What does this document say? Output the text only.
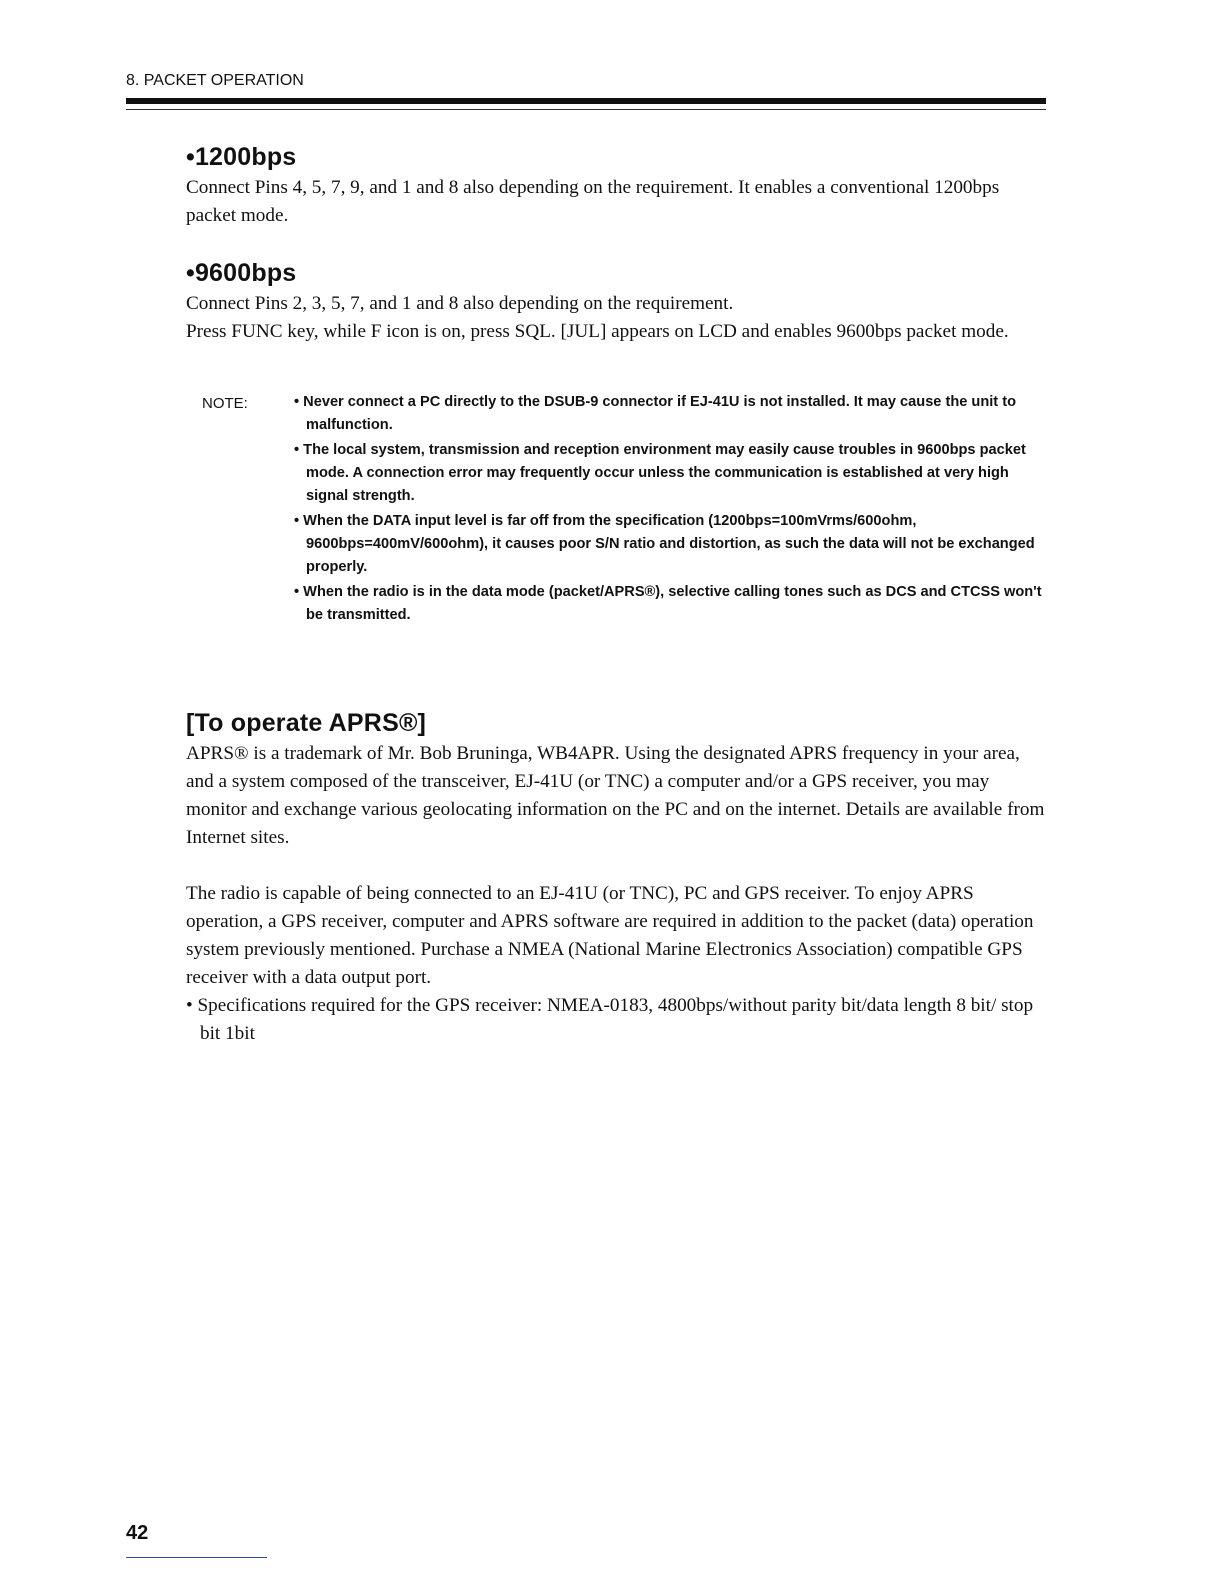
8. PACKET OPERATION
•1200bps

Connect Pins 4, 5, 7, 9, and 1 and 8 also depending on the requirement. It enables a conventional 1200bps packet mode.

•9600bps

Connect Pins 2, 3, 5, 7, and 1 and 8 also depending on the requirement.

Press FUNC key, while F icon is on, press SQL. [JUL] appears on LCD and enables 9600bps packet mode.

NOTE:
•	Never connect a PC directly to the DSUB-9 connector if EJ-41U is not installed. It may cause the unit to malfunction.
• The local system, transmission and reception environment may easily cause troubles in 9600bps packet mode. A connection error may frequently occur unless the communication is established at very high signal strength.
• When the DATA input level is far off from the specification (1200bps=100mVrms/600ohm, 9600bps=400mV/600ohm), it causes poor S/N ratio and distortion, as such the data will not be exchanged properly.
• When the radio is in the data mode (packet/APRS®), selective calling tones such as DCS and CTCSS won't be transmitted.
[To operate APRS®]

APRS® is a trademark of Mr. Bob Bruninga, WB4APR. Using the designated APRS frequency in your area, and a system composed of the transceiver, EJ-41U (or TNC) a computer and/or a GPS receiver, you may monitor and exchange various geolocating information on the PC and on the internet. Details are available from Internet sites.

The radio is capable of being connected to an EJ-41U (or TNC), PC and GPS receiver. To enjoy APRS operation, a GPS receiver, computer and APRS software are required in addition to the packet (data) operation system previously mentioned. Purchase a NMEA (National Marine Electronics Association) compatible GPS receiver with a data output port.

• Specifications required for the GPS receiver: NMEA-0183, 4800bps/without parity bit/data length 8 bit/ stop bit 1bit

42
